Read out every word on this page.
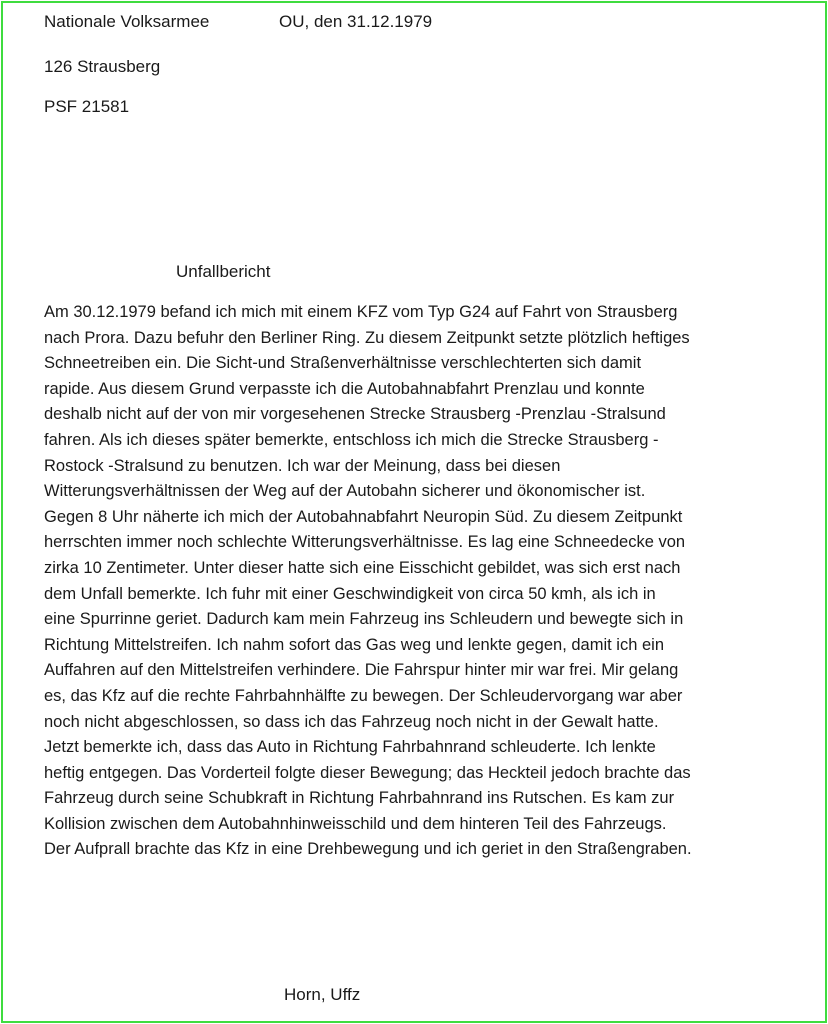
Nationale Volksarmee	OU, den 31.12.1979
126 Strausberg
PSF 21581
Unfallbericht
Am 30.12.1979 befand ich mich mit einem KFZ vom Typ G24 auf Fahrt von Strausberg
nach Prora. Dazu befuhr den Berliner Ring. Zu diesem Zeitpunkt setzte plötzlich heftiges
Schneetreiben ein. Die Sicht-und Straßenverhältnisse verschlechterten sich damit
rapide. Aus diesem Grund verpasste ich die Autobahnabfahrt Prenzlau und konnte
deshalb nicht auf der von mir vorgesehenen Strecke Strausberg -Prenzlau -Stralsund
fahren. Als ich dieses später bemerkte, entschloss ich mich die Strecke Strausberg -
Rostock -Stralsund zu benutzen. Ich war der Meinung, dass bei diesen
Witterungsverhältnissen der Weg auf der Autobahn sicherer und ökonomischer ist.
Gegen 8 Uhr näherte ich mich der Autobahnabfahrt Neuropin Süd. Zu diesem Zeitpunkt
herrschten immer noch schlechte Witterungsverhältnisse. Es lag eine Schneedecke von
zirka 10 Zentimeter. Unter dieser hatte sich eine Eisschicht gebildet, was sich erst nach
dem Unfall bemerkte. Ich fuhr mit einer Geschwindigkeit von circa 50 kmh, als ich in
eine Spurrinne geriet. Dadurch kam mein Fahrzeug ins Schleudern und bewegte sich in
Richtung Mittelstreifen. Ich nahm sofort das Gas weg und lenkte gegen, damit ich ein
Auffahren auf den Mittelstreifen verhindere. Die Fahrspur hinter mir war frei. Mir gelang
es, das Kfz auf die rechte Fahrbahnhälfte zu bewegen. Der Schleudervorgang war aber
noch nicht abgeschlossen, so dass ich das Fahrzeug noch nicht in der Gewalt hatte.
Jetzt bemerkte ich, dass das Auto in Richtung Fahrbahnrand schleuderte. Ich lenkte
heftig entgegen. Das Vorderteil folgte dieser Bewegung; das Heckteil jedoch brachte das
Fahrzeug durch seine Schubkraft in Richtung Fahrbahnrand ins Rutschen. Es kam zur
Kollision zwischen dem Autobahnhinweisschild und dem hinteren Teil des Fahrzeugs.
Der Aufprall brachte das Kfz in eine Drehbewegung und ich geriet in den Straßengraben.
Horn, Uffz
